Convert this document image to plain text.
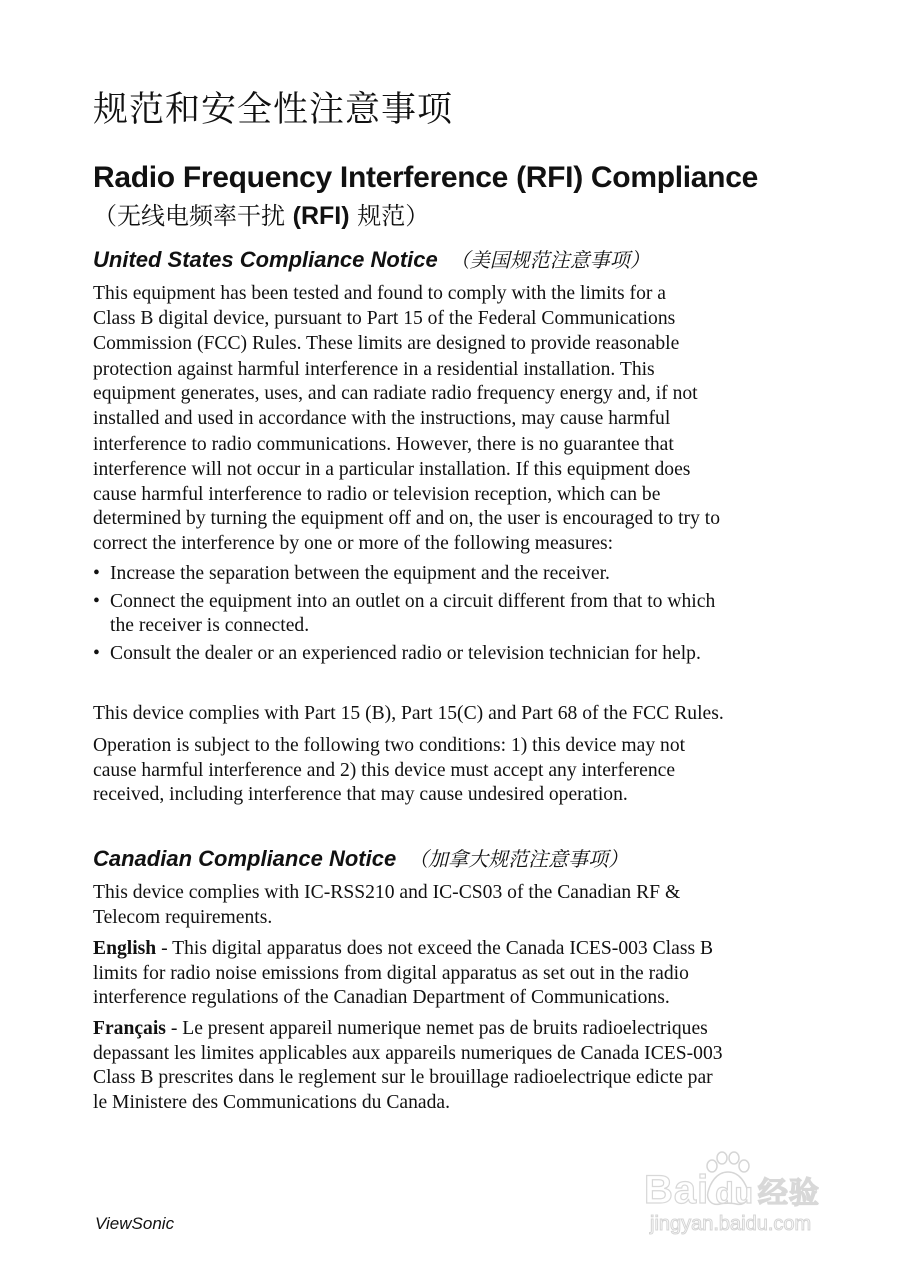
规范和安全性注意事项
Radio Frequency Interference (RFI) Compliance
（无线电频率干扰 (RFI) 规范）
United States Compliance Notice （美国规范注意事项）
This equipment has been tested and found to comply with the limits for a
Class B digital device, pursuant to Part 15 of the Federal Communications
Commission (FCC) Rules. These limits are designed to provide reasonable
protection against harmful interference in a residential installation. This
equipment generates, uses, and can radiate radio frequency energy and, if not
installed and used in accordance with the instructions, may cause harmful
interference to radio communications. However, there is no guarantee that
interference will not occur in a particular installation. If this equipment does
cause harmful interference to radio or television reception, which can be
determined by turning the equipment off and on, the user is encouraged to try to
correct the interference by one or more of the following measures:
• Increase the separation between the equipment and the receiver.
• Connect the equipment into an outlet on a circuit different from that to which
the receiver is connected.
• Consult the dealer or an experienced radio or television technician for help.
This device complies with Part 15 (B), Part 15(C) and Part 68 of the FCC Rules.
Operation is subject to the following two conditions: 1) this device may not
cause harmful interference and 2) this device must accept any interference
received, including interference that may cause undesired operation.
Canadian Compliance Notice （加拿大规范注意事项）
This device complies with IC-RSS210 and IC-CS03 of the Canadian RF &
Telecom requirements.
English - This digital apparatus does not exceed the Canada ICES-003 Class B
limits for radio noise emissions from digital apparatus as set out in the radio
interference regulations of the Canadian Department of Communications.
Français - Le present appareil numerique nemet pas de bruits radioelectriques
depassant les limites applicables aux appareils numeriques de Canada ICES-003
Class B prescrites dans le reglement sur le brouillage radioelectrique edicte par
le Ministere des Communications du Canada.
ViewSonic
Bai du 经验
jingyan.baidu.com
